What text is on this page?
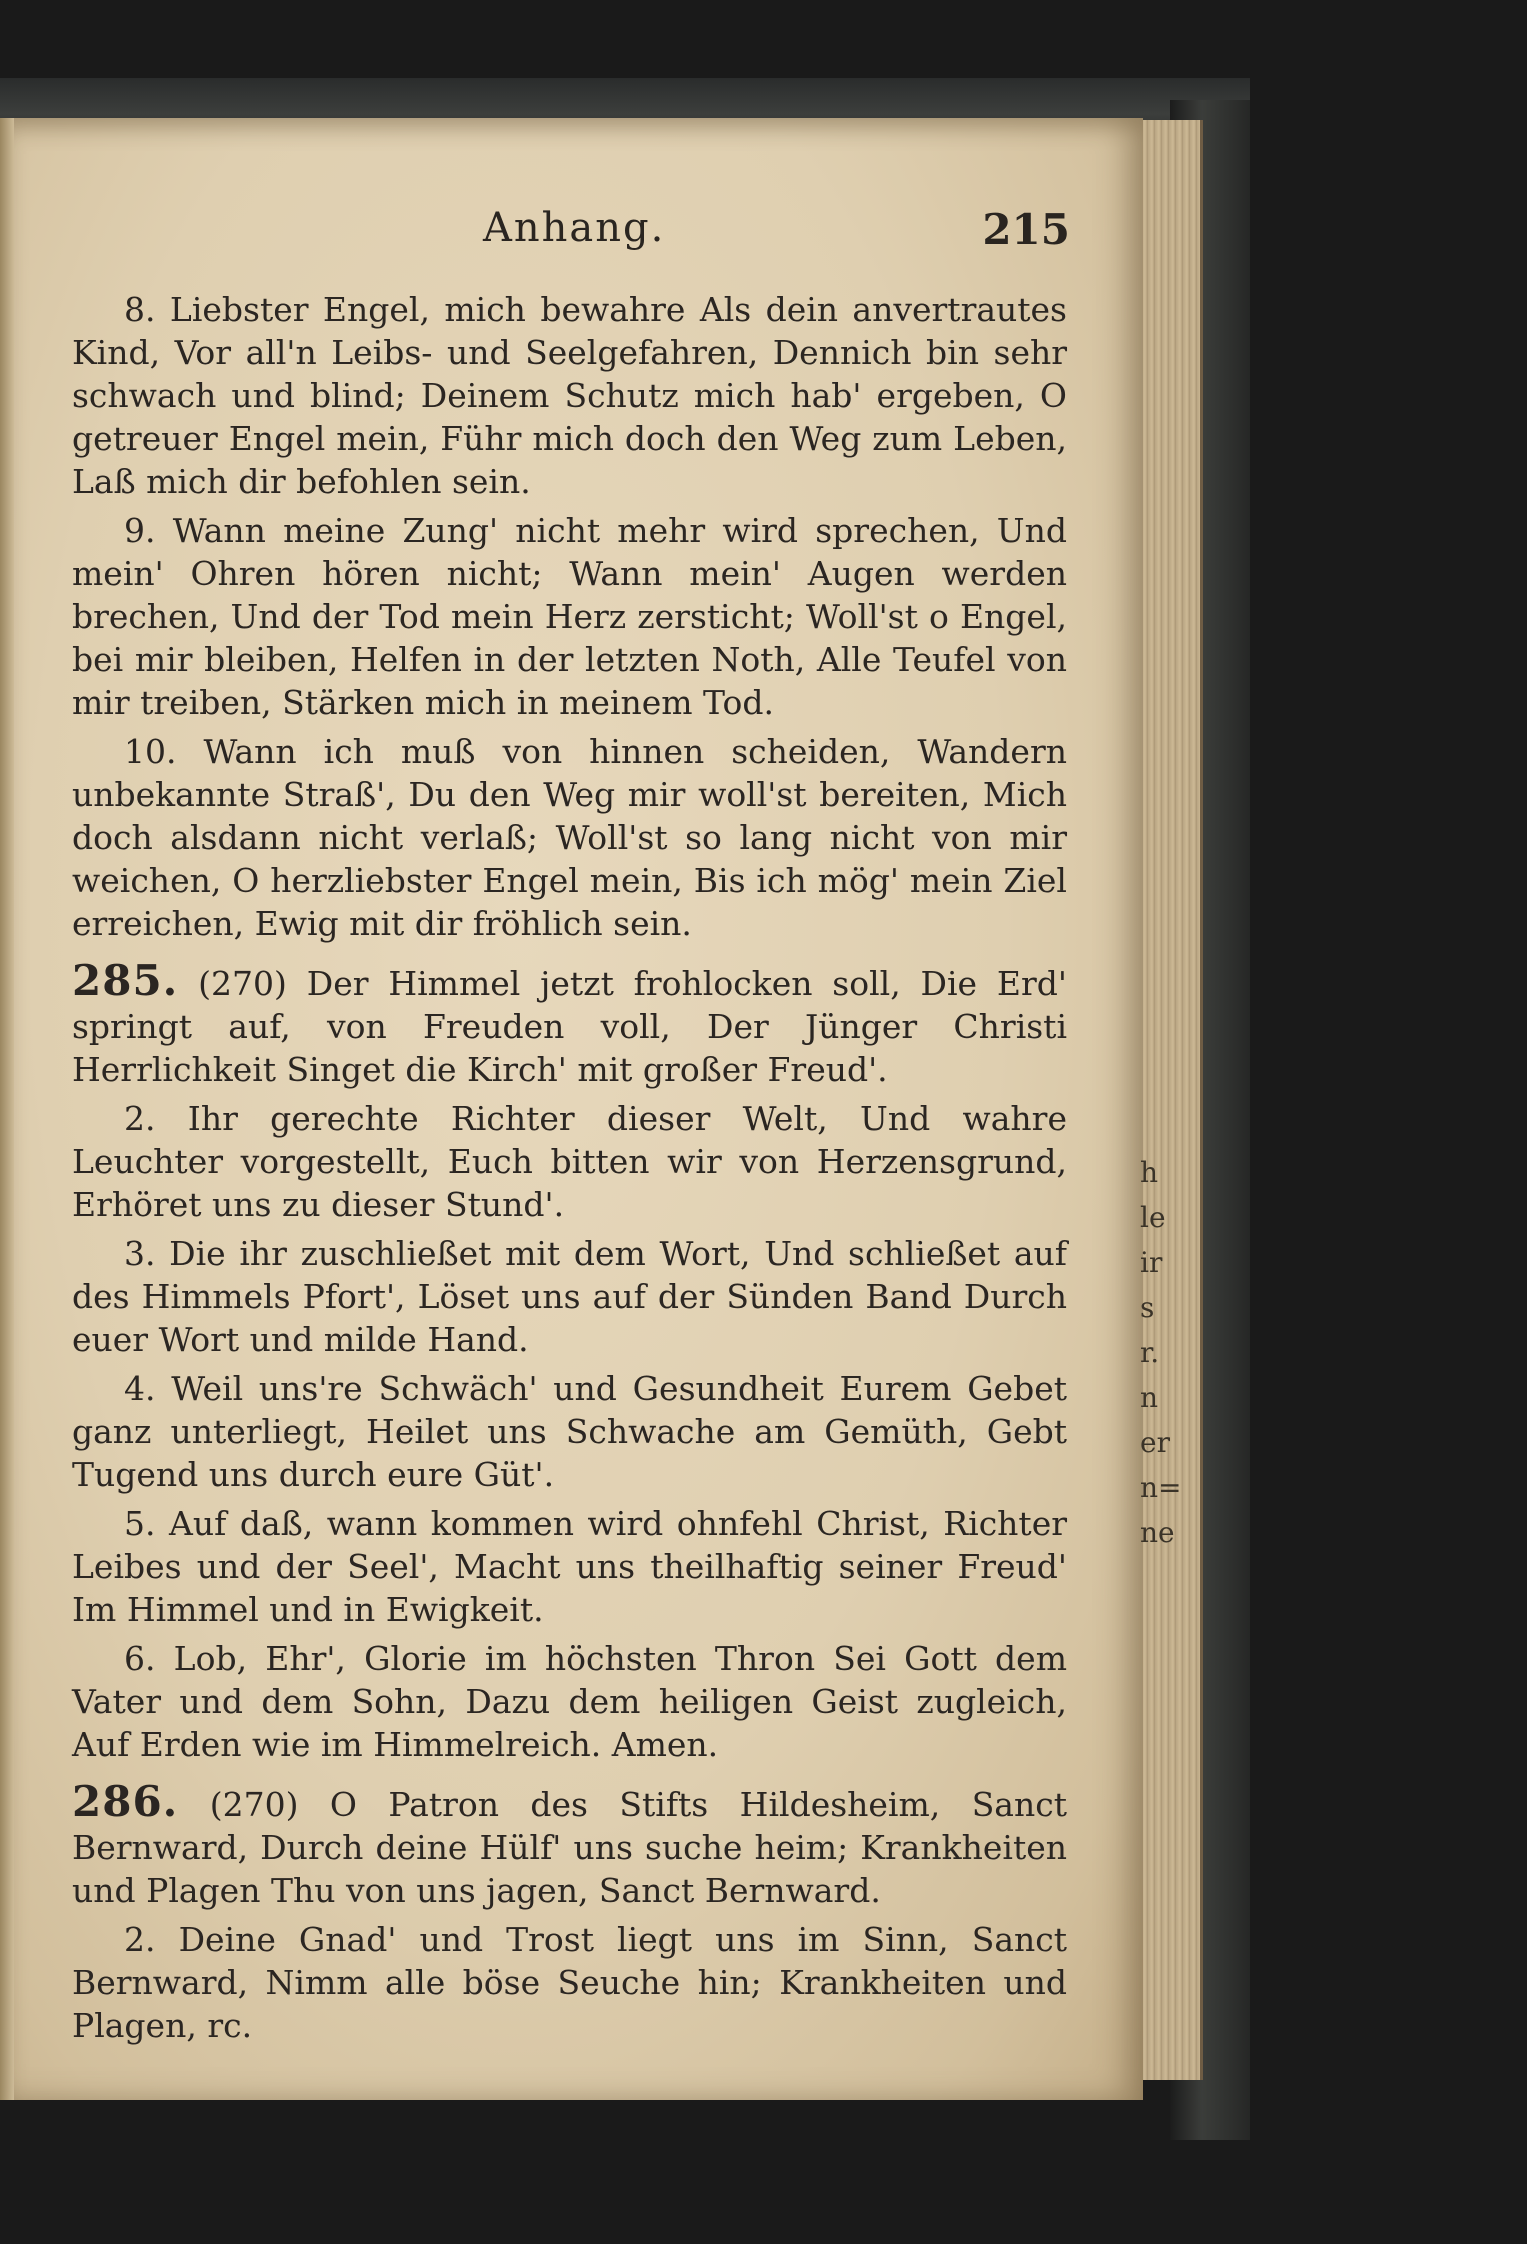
Anhang.	215

8. Liebster Engel, mich bewahre Als dein anvertrautes Kind, Vor all'n Leibs- und Seelgefahren, Dennich bin sehr schwach und blind; Deinem Schutz mich hab' ergeben, O getreuer Engel mein, Führ mich doch den Weg zum Leben, Laß mich dir befohlen sein.

9. Wann meine Zung' nicht mehr wird sprechen, Und mein' Ohren hören nicht; Wann mein' Augen werden brechen, Und der Tod mein Herz zersticht; Woll'st o Engel, bei mir bleiben, Helfen in der letzten Noth, Alle Teufel von mir treiben, Stärken mich in meinem Tod.

10. Wann ich muß von hinnen scheiden, Wandern unbekannte Straß', Du den Weg mir woll'st bereiten, Mich doch alsdann nicht verlaß; Woll'st so lang nicht von mir weichen, O herzliebster Engel mein, Bis ich mög' mein Ziel erreichen, Ewig mit dir fröhlich sein.

285. (270) Der Himmel jetzt frohlocken soll, Die Erd' springt auf, von Freuden voll, Der Jünger Christi Herrlichkeit Singet die Kirch' mit großer Freud'.

2. Ihr gerechte Richter dieser Welt, Und wahre Leuchter vorgestellt, Euch bitten wir von Herzensgrund, Erhöret uns zu dieser Stund'.

3. Die ihr zuschließet mit dem Wort, Und schließet auf des Himmels Pfort', Löset uns auf der Sünden Band Durch euer Wort und milde Hand.

4. Weil uns're Schwäch' und Gesundheit Eurem Gebet ganz unterliegt, Heilet uns Schwache am Gemüth, Gebt Tugend uns durch eure Güt'.

5. Auf daß, wann kommen wird ohnfehl Christ, Richter Leibes und der Seel', Macht uns theilhaftig seiner Freud' Im Himmel und in Ewigkeit.

6. Lob, Ehr', Glorie im höchsten Thron Sei Gott dem Vater und dem Sohn, Dazu dem heiligen Geist zugleich, Auf Erden wie im Himmelreich. Amen.

286. (270) O Patron des Stifts Hildesheim, Sanct Bernward, Durch deine Hülf' uns suche heim; Krankheiten und Plagen Thu von uns jagen, Sanct Bernward.

2. Deine Gnad' und Trost liegt uns im Sinn, Sanct Bernward, Nimm alle böse Seuche hin; Krankheiten und Plagen, rc.

h
le
ir
s
r.
n
er
n=
ne
